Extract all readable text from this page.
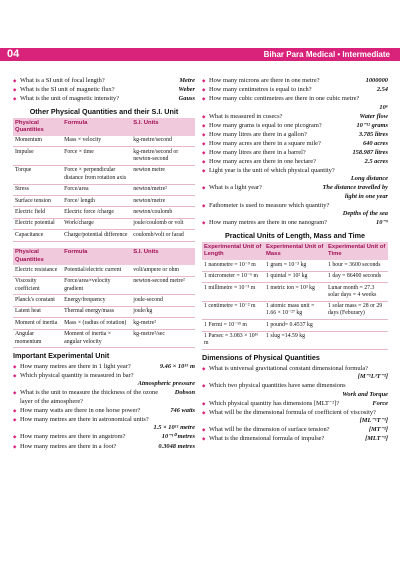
04	Bihar Para Medical • Intermediate
◆ Metre
What is a SI unit of focal length?
◆ Weber
What is the SI unit of magnetic flux?
◆ Gauss
What is the unit of magnetic intensity?
Other Physical Quantities and their S.I. Unit
Physical Quantities	Formula	S.I. Units
Momentum	Mass × velocity	kg-metre/second
Impulse	Force × time	kg-metre/second or newton-second
Torque	Force × perpendicular distance from rotation axis	newton metre
Stress	Force/area	newton/metre²
Surface tension	Force/ length	newton/metre
Electric field	Electric force /charge	newton/coulomb
Electric potential	Work/charge	joule/coulomb or volt
Capacitance	Charge/potential difference	coulomb/volt or farad
Physical Quantities	Formula	S.I. Units
Electric resistance	Potential/electric current	volt/ampere or ohm
Viscosity coefficient	Force/area×velocity gradient	newton-second metre²
Planck's constant	Energy/frequency	joule-second
Latent heat	Thermal energy/mass	joule/kg
Moment of inertia	Mass × (radius of rotation)	kg-metre²
Angular momentum	Moment of inertia × angular velocity	kg-metre²/sec
Important Experimental Unit
◆ 9.46 × 10¹⁵ m
How many metres are there in 1 light year?
◆ Which physical quantity is measured in bar?
Atmospheric pressure
◆ Dobson
What is the unit to measure the thickness of the ozone layer of the atmosphere?
◆ 746 watts
How many watts are there in one horse power?
◆ How many metres are there in astronomical units?
1.5 × 10¹¹ metre
◆ 10⁻¹⁰ metres
How many metres are there in angstrom?
◆ 0.3048 metres
How many metres are there in a foot?
◆ 1000000
How many microns are there in one metre?
◆ 2.54
How many centimetres is equal to inch?
◆ How many cubic centimetres are there in one cubic metre?
10⁶
◆ Water flow
What is measured in cusecs?
◆ 10⁻¹² grams
How many grams is equal to one picogram?
◆ 3.785 litres
How many litres are there in a gallon?
◆ 640 acres
How many acres are there in a square mile?
◆ 158.987 litres
How many litres are there in a barrel?
◆ 2.5 acres
How many acres are there in one hectare?
◆ Light year is the unit of which physical quantity?
Long distance
◆ The distance travelled by
What is a light year?
light in one year
◆ Fathometer is used to measure which quantity?
Depths of the sea
◆ 10⁻⁹
How many metres are there in one nanogram?
Practical Units of Length, Mass and Time
Experimental Unit of Length	Experimental Unit of Mass	Experimental Unit of Time
1 nanometre = 10⁻⁹ m	1 gram = 10⁻³ kg	1 hour = 3600 seconds
1 micrometer = 10⁻⁶ m	1 quintal = 10² kg	1 day = 86400 seconds
1 millimetre = 10⁻³ m	1 metric ton = 10³ kg	Lunar month = 27.3 solar days = 4 weeks
1 centimetre = 10⁻² m	1 atomic mass unit = 1.66 × 10⁻²⁷ kg	1 solar mass = 28 or 29 days (Feburary)
1 Fermi = 10⁻¹⁵ m	1 pound= 0.4537 kg	
1 Parsec = 3.083 × 10¹⁶ m	1 slug =14.59 kg	
Dimensions of Physical Quantities
◆ What is universal gravitational constant dimensional formula?
[M⁻¹L³T⁻²]
◆ Which two physical quantities have same dimensions
Work and Torque
◆ Force
Which physical quantity has dimensions [MLT⁻²]?
◆ What will be the dimensional formula of coefficient of viscosity?
[ML⁻¹T⁻¹]
◆ [MT⁻²]
What will be the dimension of surface tension?
◆ [MLT⁻¹]
What is the dimensional formula of impulse?
